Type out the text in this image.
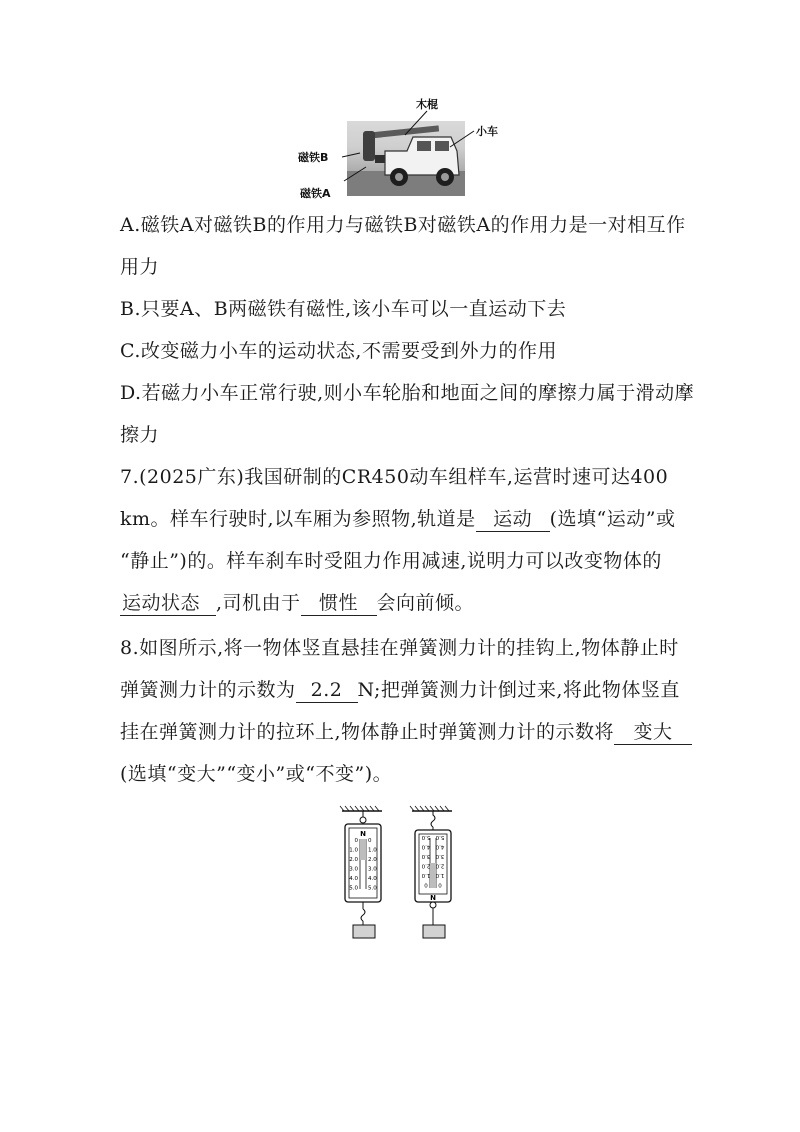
木棍
小车
磁铁B
磁铁A
A.磁铁A对磁铁B的作用力与磁铁B对磁铁A的作用力是一对相互作
用力
B.只要A、B两磁铁有磁性,该小车可以一直运动下去
C.改变磁力小车的运动状态,不需要受到外力的作用
D.若磁力小车正常行驶,则小车轮胎和地面之间的摩擦力属于滑动摩
擦力
7.(2025广东)我国研制的CR450动车组样车,运营时速可达400
km。样车行驶时,以车厢为参照物,轨道是 运动 (选填“运动”或
“静止”)的。样车刹车时受阻力作用减速,说明力可以改变物体的
运动状态 ,司机由于 惯性 会向前倾。
8.如图所示,将一物体竖直悬挂在弹簧测力计的挂钩上,物体静止时
弹簧测力计的示数为 2.2 N;把弹簧测力计倒过来,将此物体竖直
挂在弹簧测力计的拉环上,物体静止时弹簧测力计的示数将 变大
(选填“变大”“变小”或“不变”)。
N
0 0
1.0 1.0
2.0 2.0
3.0 3.0
4.0 4.0
5.0 5.0
5.0 5.0
4.0 4.0
3.0 3.0
2.0 2.0
1.0 1.0
0 0
N
